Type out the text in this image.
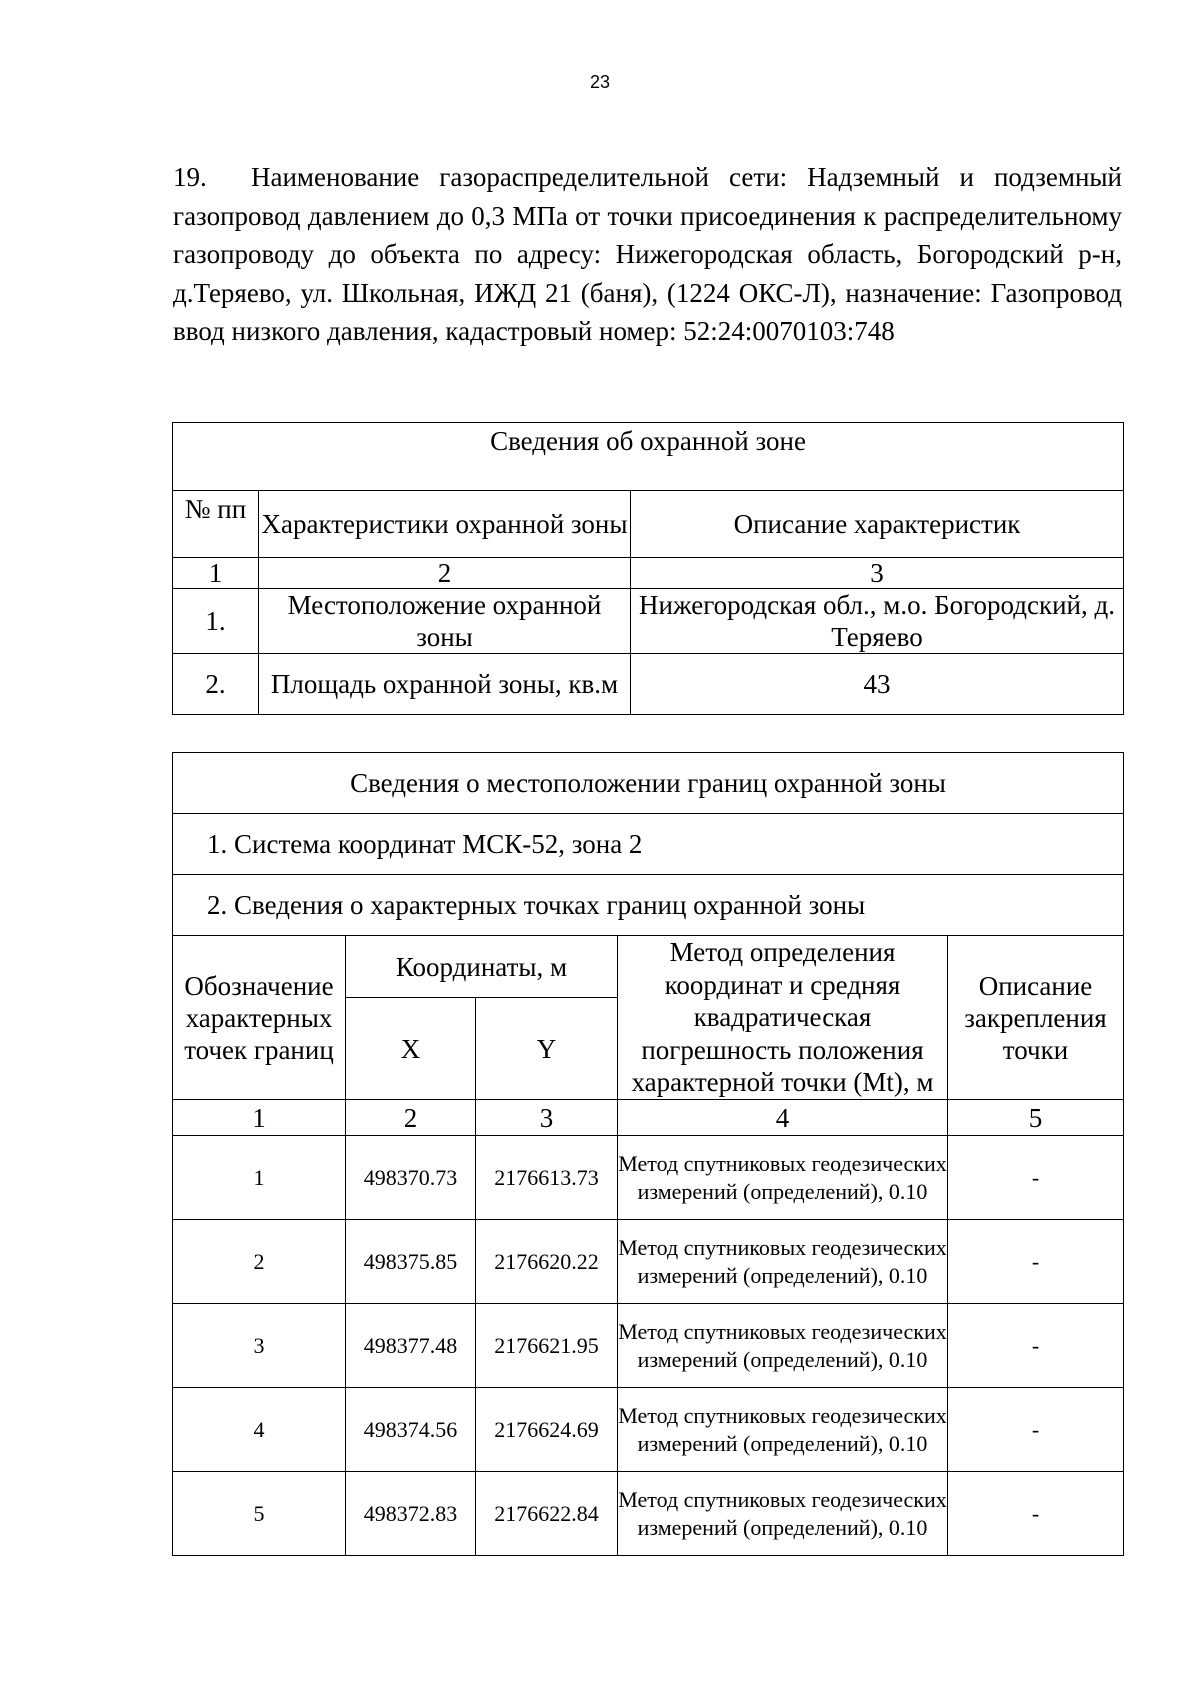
23
19. Наименование газораспределительной сети: Надземный и подземный газопровод давлением до 0,3 МПа от точки присоединения к распределительному газопроводу до объекта по адресу: Нижегородская область, Богородский р-н, д.Теряево, ул. Школьная, ИЖД 21 (баня), (1224 ОКС-Л), назначение: Газопровод ввод низкого давления, кадастровый номер: 52:24:0070103:748
Сведения об охранной зоне		
№ пп	Характеристики охранной зоны	Описание характеристик
1	2	3
1.	Местоположение охранной зоны	Нижегородская обл., м.о. Богородский, д. Теряево
2.	Площадь охранной зоны, кв.м	43
Сведения о местоположении границ охранной зоны				
1. Система координат МСК-52, зона 2				
2. Сведения о характерных точках границ охранной зоны				
Обозначение характерных точек границ	Координаты, м		Метод определения координат и средняя квадратическая погрешность положения характерной точки (Mt), м	Описание закрепления точки
	X	Y		
1	2	3	4	5
1	498370.73	2176613.73	Метод спутниковых геодезических измерений (определений), 0.10	-
2	498375.85	2176620.22	Метод спутниковых геодезических измерений (определений), 0.10	-
3	498377.48	2176621.95	Метод спутниковых геодезических измерений (определений), 0.10	-
4	498374.56	2176624.69	Метод спутниковых геодезических измерений (определений), 0.10	-
5	498372.83	2176622.84	Метод спутниковых геодезических измерений (определений), 0.10	-
